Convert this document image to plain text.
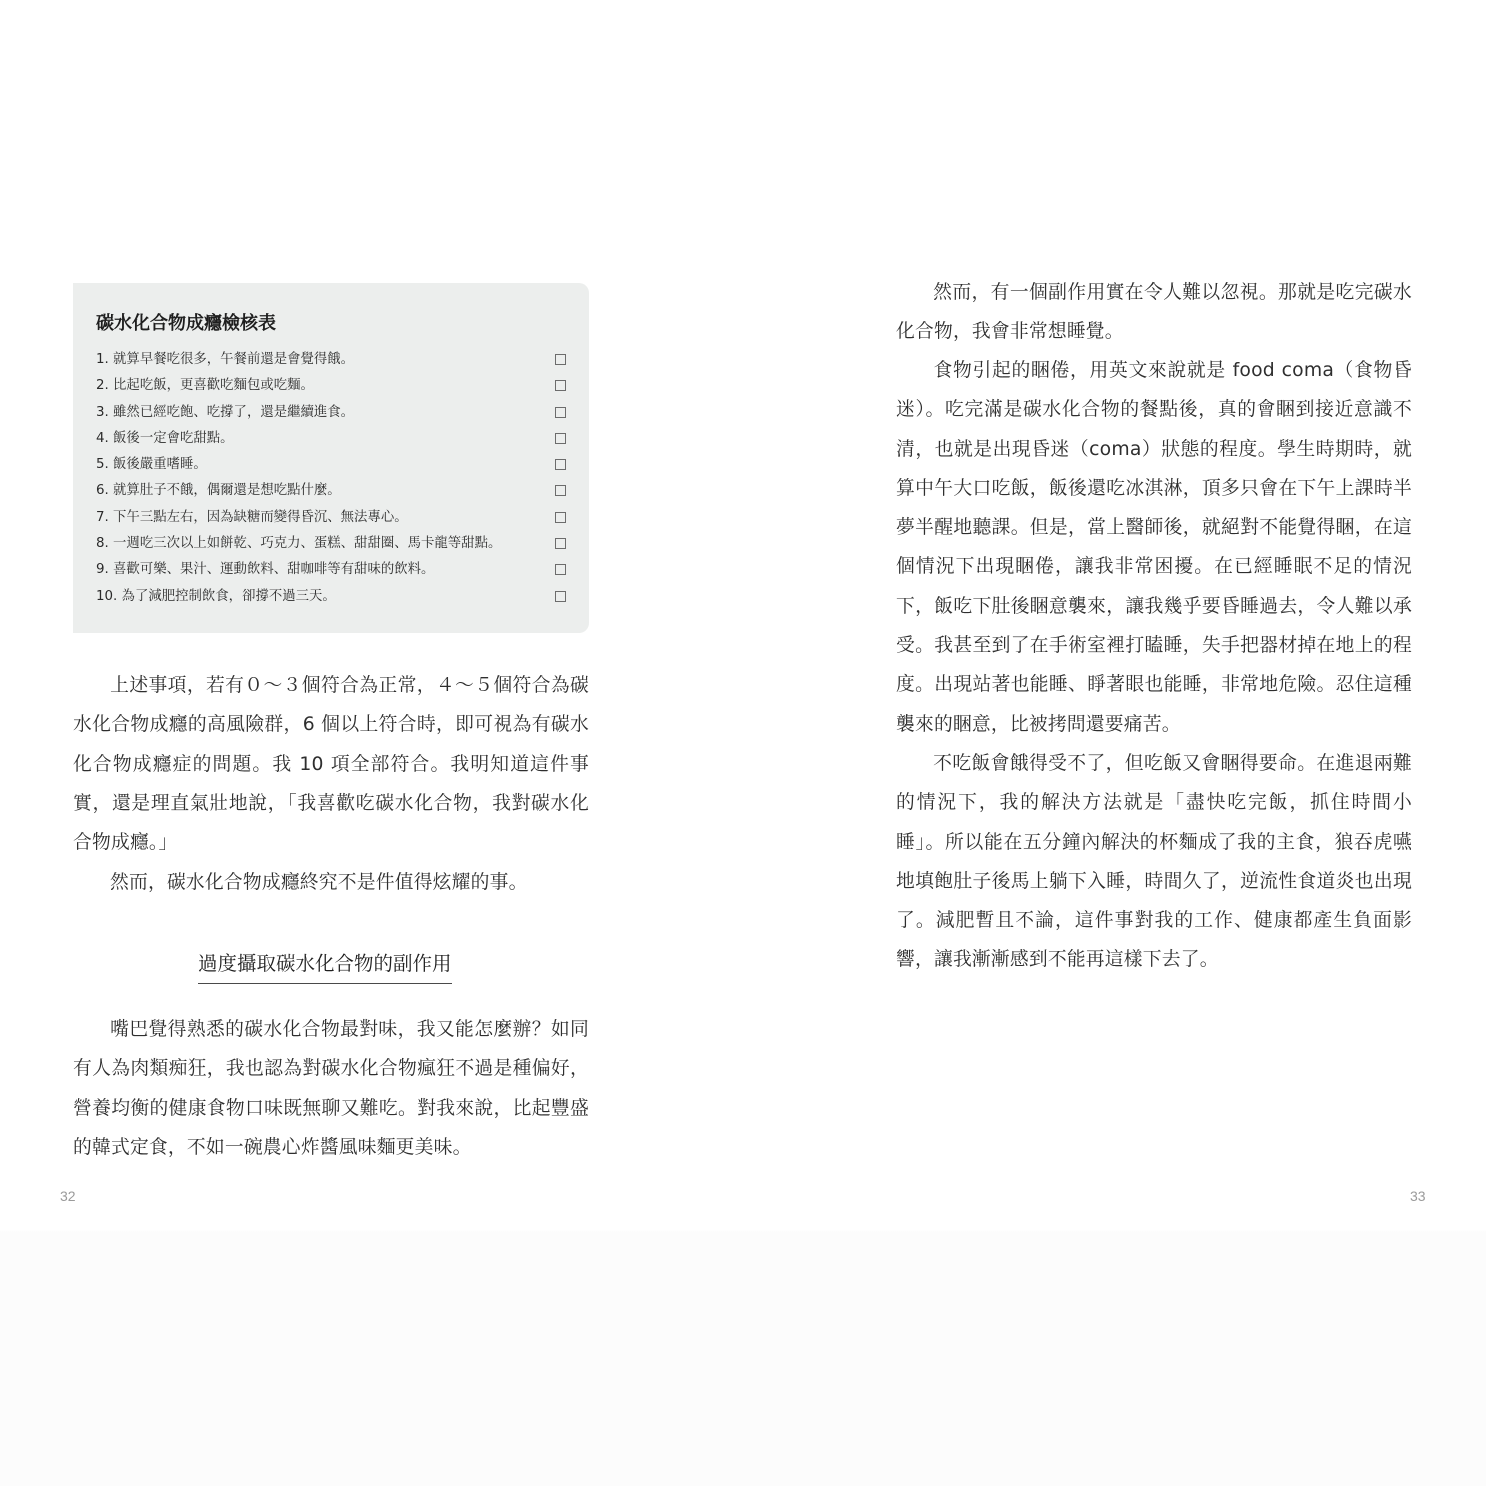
碳水化合物成癮檢核表
1. 就算早餐吃很多，午餐前還是會覺得餓。
2. 比起吃飯，更喜歡吃麵包或吃麵。
3. 雖然已經吃飽、吃撐了，還是繼續進食。
4. 飯後一定會吃甜點。
5. 飯後嚴重嗜睡。
6. 就算肚子不餓，偶爾還是想吃點什麼。
7. 下午三點左右，因為缺糖而變得昏沉、無法專心。
8. 一週吃三次以上如餅乾、巧克力、蛋糕、甜甜圈、馬卡龍等甜點。
9. 喜歡可樂、果汁、運動飲料、甜咖啡等有甜味的飲料。
10. 為了減肥控制飲食，卻撐不過三天。

上述事項，若有０～３個符合為正常，４～５個符合為碳水化合物成癮的高風險群，6 個以上符合時，即可視為有碳水化合物成癮症的問題。我 10 項全部符合。我明知道這件事實，還是理直氣壯地說，「我喜歡吃碳水化合物，我對碳水化合物成癮。」

然而，碳水化合物成癮終究不是件值得炫耀的事。

過度攝取碳水化合物的副作用

嘴巴覺得熟悉的碳水化合物最對味，我又能怎麼辦？如同有人為肉類痴狂，我也認為對碳水化合物瘋狂不過是種偏好，營養均衡的健康食物口味既無聊又難吃。對我來說，比起豐盛的韓式定食，不如一碗農心炸醬風味麵更美味。

32

然而，有一個副作用實在令人難以忽視。那就是吃完碳水化合物，我會非常想睡覺。

食物引起的睏倦，用英文來說就是 food coma（食物昏迷）。吃完滿是碳水化合物的餐點後，真的會睏到接近意識不清，也就是出現昏迷（coma）狀態的程度。學生時期時，就算中午大口吃飯，飯後還吃冰淇淋，頂多只會在下午上課時半夢半醒地聽課。但是，當上醫師後，就絕對不能覺得睏，在這個情況下出現睏倦，讓我非常困擾。在已經睡眠不足的情況下，飯吃下肚後睏意襲來，讓我幾乎要昏睡過去，令人難以承受。我甚至到了在手術室裡打瞌睡，失手把器材掉在地上的程度。出現站著也能睡、睜著眼也能睡，非常地危險。忍住這種襲來的睏意，比被拷問還要痛苦。

不吃飯會餓得受不了，但吃飯又會睏得要命。在進退兩難的情況下，我的解決方法就是「盡快吃完飯，抓住時間小睡」。所以能在五分鐘內解決的杯麵成了我的主食，狼吞虎嚥地填飽肚子後馬上躺下入睡，時間久了，逆流性食道炎也出現了。減肥暫且不論，這件事對我的工作、健康都產生負面影響，讓我漸漸感到不能再這樣下去了。

33
